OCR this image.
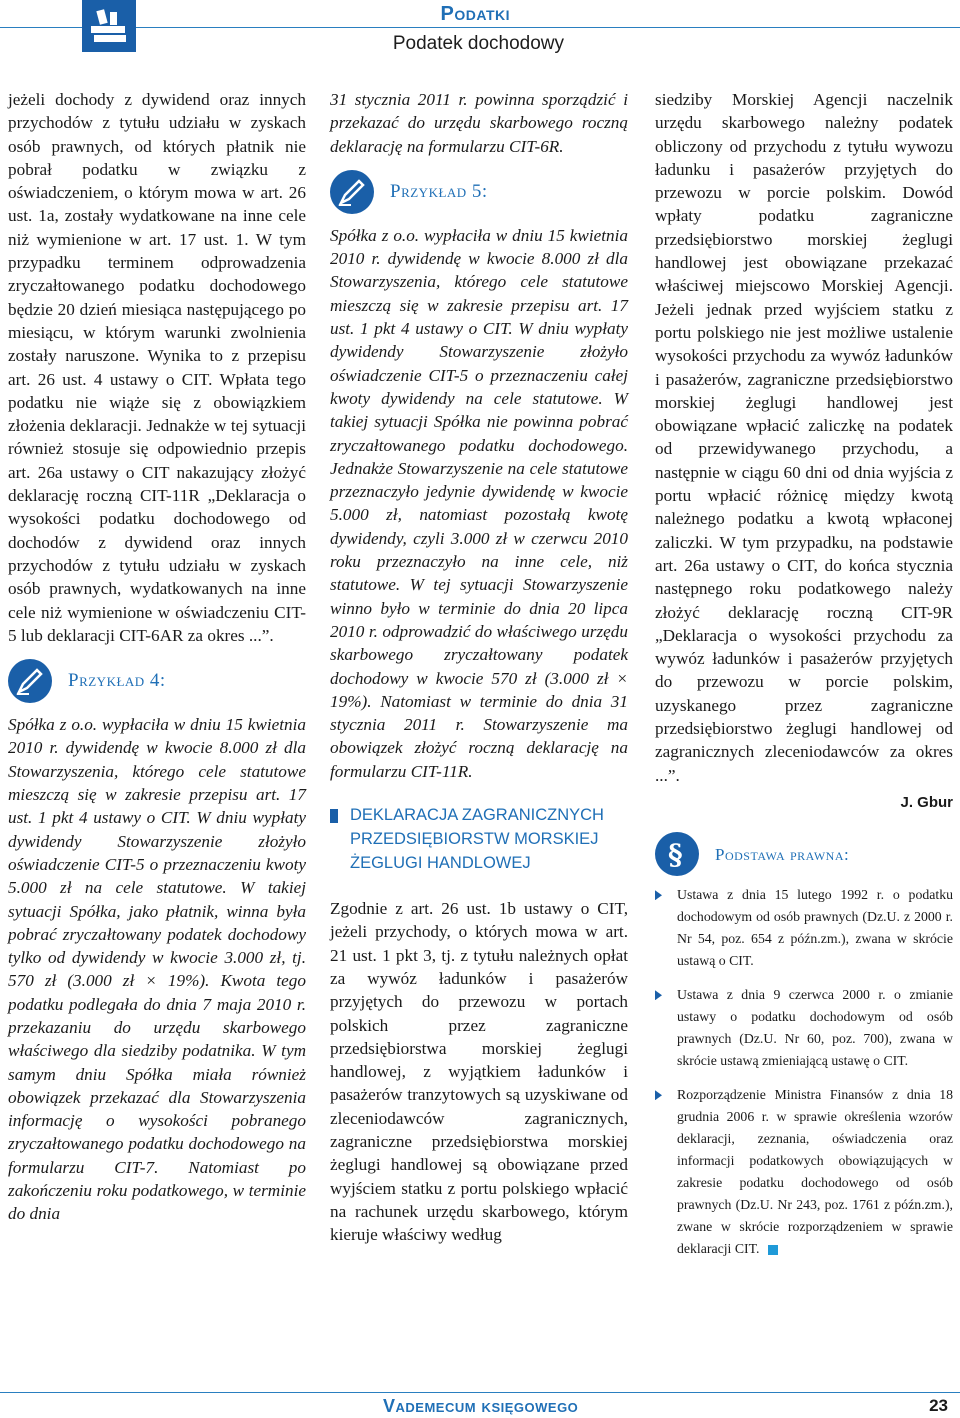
Podatki
Podatek dochodowy

jeżeli dochody z dywidend oraz innych przychodów z tytułu udziału w zyskach osób prawnych, od których płatnik nie pobrał podatku w związku z oświadczeniem, o którym mowa w art. 26 ust. 1a, zostały wydatkowane na inne cele niż wymienione w art. 17 ust. 1. W tym przypadku terminem odprowadzenia zryczałtowanego podatku dochodowego będzie 20 dzień miesiąca następującego po miesiącu, w którym warunki zwolnienia zostały naruszone. Wynika to z przepisu art. 26 ust. 4 ustawy o CIT. Wpłata tego podatku nie wiąże się z obowiązkiem złożenia deklaracji. Jednakże w tej sytuacji również stosuje się odpowiednio przepis art. 26a ustawy o CIT nakazujący złożyć deklarację roczną CIT-11R „Deklaracja o wysokości podatku dochodowego od dochodów z dywidend oraz innych przychodów z tytułu udziału w zyskach osób prawnych, wydatkowanych na inne cele niż wymienione w oświadczeniu CIT-5 lub deklaracji CIT-6AR za okres ...”.

Przykład 4:

Spółka z o.o. wypłaciła w dniu 15 kwietnia 2010 r. dywidendę w kwocie 8.000 zł dla Stowarzyszenia, którego cele statutowe mieszczą się w zakresie przepisu art. 17 ust. 1 pkt 4 ustawy o CIT. W dniu wypłaty dywidendy Stowarzyszenie złożyło oświadczenie CIT-5 o przeznaczeniu kwoty 5.000 zł na cele statutowe. W takiej sytuacji Spółka, jako płatnik, winna była pobrać zryczałtowany podatek dochodowy tylko od dywidendy w kwocie 3.000 zł, tj. 570 zł (3.000 zł × 19%). Kwota tego podatku podlegała do dnia 7 maja 2010 r. przekazaniu do urzędu skarbowego właściwego dla siedziby podatnika. W tym samym dniu Spółka miała również obowiązek przekazać dla Stowarzyszenia informację o wysokości pobranego zryczałtowanego podatku dochodowego na formularzu CIT-7. Natomiast po zakończeniu roku podatkowego, w terminie do dnia

31 stycznia 2011 r. powinna sporządzić i przekazać do urzędu skarbowego roczną deklarację na formularzu CIT-6R.

Przykład 5:

Spółka z o.o. wypłaciła w dniu 15 kwietnia 2010 r. dywidendę w kwocie 8.000 zł dla Stowarzyszenia, którego cele statutowe mieszczą się w zakresie przepisu art. 17 ust. 1 pkt 4 ustawy o CIT. W dniu wypłaty dywidendy Stowarzyszenie złożyło oświadczenie CIT-5 o przeznaczeniu całej kwoty dywidendy na cele statutowe. W takiej sytuacji Spółka nie powinna pobrać zryczałtowanego podatku dochodowego. Jednakże Stowarzyszenie na cele statutowe przeznaczyło jedynie dywidendę w kwocie 5.000 zł, natomiast pozostałą kwotę dywidendy, czyli 3.000 zł w czerwcu 2010 roku przeznaczyło na inne cele, niż statutowe. W tej sytuacji Stowarzyszenie winno było w terminie do dnia 20 lipca 2010 r. odprowadzić do właściwego urzędu skarbowego zryczałtowany podatek dochodowy w kwocie 570 zł (3.000 zł × 19%). Natomiast w terminie do dnia 31 stycznia 2011 r. Stowarzyszenie ma obowiązek złożyć roczną deklarację na formularzu CIT-11R.

DEKLARACJA ZAGRANICZNYCH PRZEDSIĘBIORSTW MORSKIEJ ŻEGLUGI HANDLOWEJ

Zgodnie z art. 26 ust. 1b ustawy o CIT, jeżeli przychody, o których mowa w art. 21 ust. 1 pkt 3, tj. z tytułu należnych opłat za wywóz ładunków i pasażerów przyjętych do przewozu w portach polskich przez zagraniczne przedsiębiorstwa morskiej żeglugi handlowej, z wyjątkiem ładunków i pasażerów tranzytowych są uzyskiwane od zleceniodawców zagranicznych, zagraniczne przedsiębiorstwa morskiej żeglugi handlowej są obowiązane przed wyjściem statku z portu polskiego wpłacić na rachunek urzędu skarbowego, którym kieruje właściwy według

siedziby Morskiej Agencji naczelnik urzędu skarbowego należny podatek obliczony od przychodu z tytułu wywozu ładunku i pasażerów przyjętych do przewozu w porcie polskim. Dowód wpłaty podatku zagraniczne przedsiębiorstwo morskiej żeglugi handlowej jest obowiązane przekazać właściwej miejscowo Morskiej Agencji. Jeżeli jednak przed wyjściem statku z portu polskiego nie jest możliwe ustalenie wysokości przychodu za wywóz ładunków i pasażerów, zagraniczne przedsiębiorstwo morskiej żeglugi handlowej jest obowiązane wpłacić zaliczkę na podatek od przewidywanego przychodu, a następnie w ciągu 60 dni od dnia wyjścia z portu wpłacić różnicę między kwotą należnego podatku a kwotą wpłaconej zaliczki. W tym przypadku, na podstawie art. 26a ustawy o CIT, do końca stycznia następnego roku podatkowego należy złożyć deklarację roczną CIT-9R „Deklaracja o wysokości przychodu za wywóz ładunków i pasażerów przyjętych do przewozu w porcie polskim, uzyskanego przez zagraniczne przedsiębiorstwo żeglugi handlowej od zagranicznych zleceniodawców za okres ...”.

J. Gbur
§ Podstawa prawna:
Ustawa z dnia 15 lutego 1992 r. o podatku dochodowym od osób prawnych (Dz.U. z 2000 r. Nr 54, poz. 654 z późn.zm.), zwana w skrócie ustawą o CIT.
Ustawa z dnia 9 czerwca 2000 r. o zmianie ustawy o podatku dochodowym od osób prawnych (Dz.U. Nr 60, poz. 700), zwana w skrócie ustawą zmieniającą ustawę o CIT.
Rozporządzenie Ministra Finansów z dnia 18 grudnia 2006 r. w sprawie określenia wzorów deklaracji, zeznania, oświadczenia oraz informacji podatkowych obowiązujących w zakresie podatku dochodowego od osób prawnych (Dz.U. Nr 243, poz. 1761 z późn.zm.), zwane w skrócie rozporządzeniem w sprawie deklaracji CIT.
Vademecum księgowego	23
